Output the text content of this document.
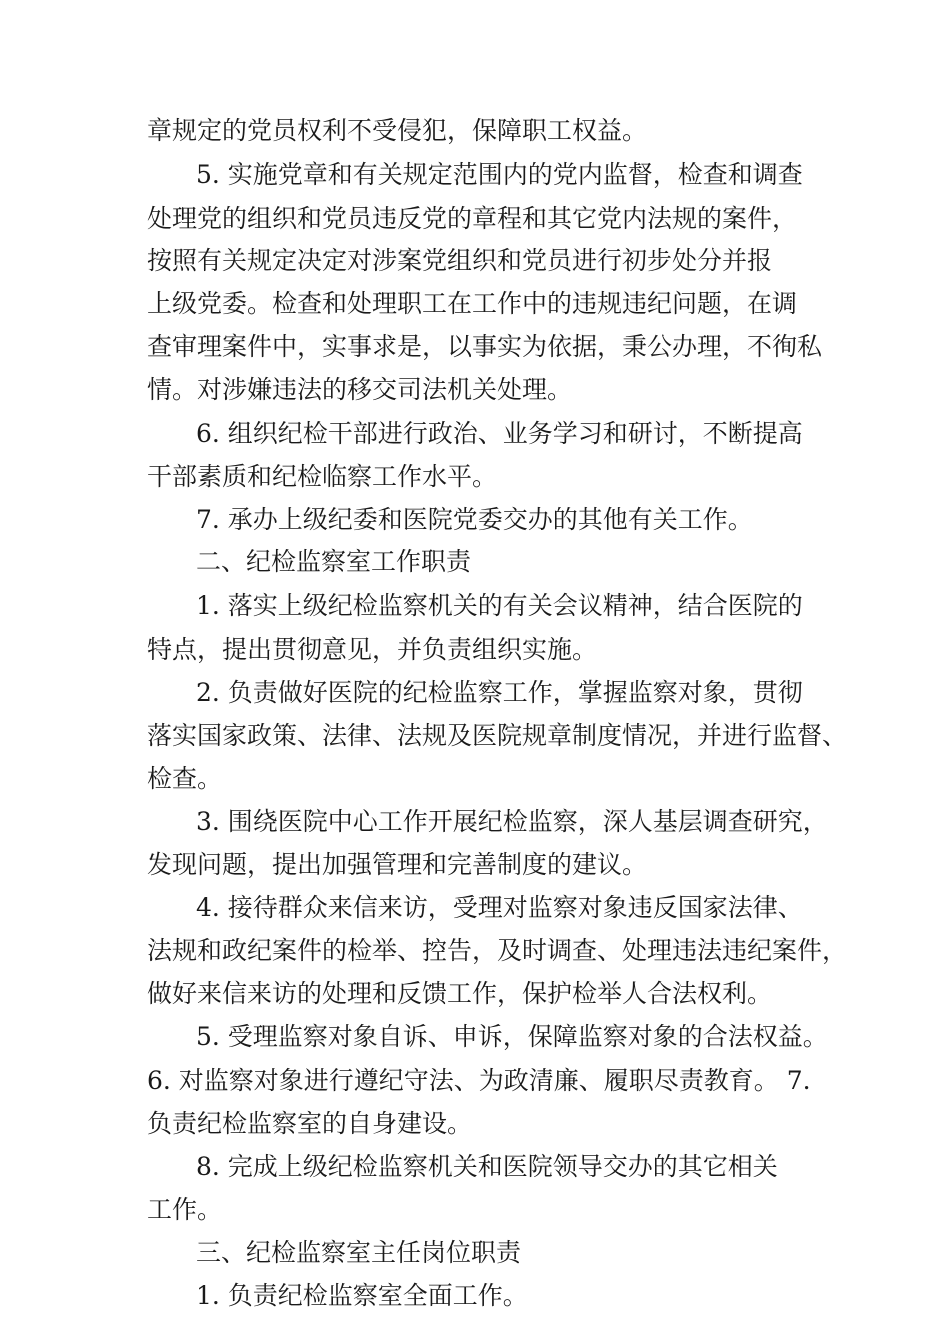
章规定的党员权利不受侵犯，保障职工权益。
5. 实施党章和有关规定范围内的党内监督，检查和调查
处理党的组织和党员违反党的章程和其它党内法规的案件，
按照有关规定决定对涉案党组织和党员进行初步处分并报
上级党委。检查和处理职工在工作中的违规违纪问题，在调
查审理案件中，实事求是，以事实为依据，秉公办理，不徇私
情。对涉嫌违法的移交司法机关处理。
6. 组织纪检干部进行政治、业务学习和研讨，不断提高
干部素质和纪检临察工作水平。
7. 承办上级纪委和医院党委交办的其他有关工作。
二、纪检监察室工作职责
1. 落实上级纪检监察机关的有关会议精神，结合医院的
特点，提出贯彻意见，并负责组织实施。
2. 负责做好医院的纪检监察工作，掌握监察对象，贯彻
落实国家政策、法律、法规及医院规章制度情况，并进行监督、
检查。
3. 围绕医院中心工作开展纪检监察，深人基层调查研究，
发现问题，提出加强管理和完善制度的建议。
4. 接待群众来信来访，受理对监察对象违反国家法律、
法规和政纪案件的检举、控告，及时调查、处理违法违纪案件，
做好来信来访的处理和反馈工作，保护检举人合法权利。
5. 受理监察对象自诉、申诉，保障监察对象的合法权益。
6. 对监察对象进行遵纪守法、为政清廉、履职尽责教育。 7.
负责纪检监察室的自身建设。
8. 完成上级纪检监察机关和医院领导交办的其它相关
工作。
三、纪检监察室主任岗位职责
1. 负责纪检监察室全面工作。
